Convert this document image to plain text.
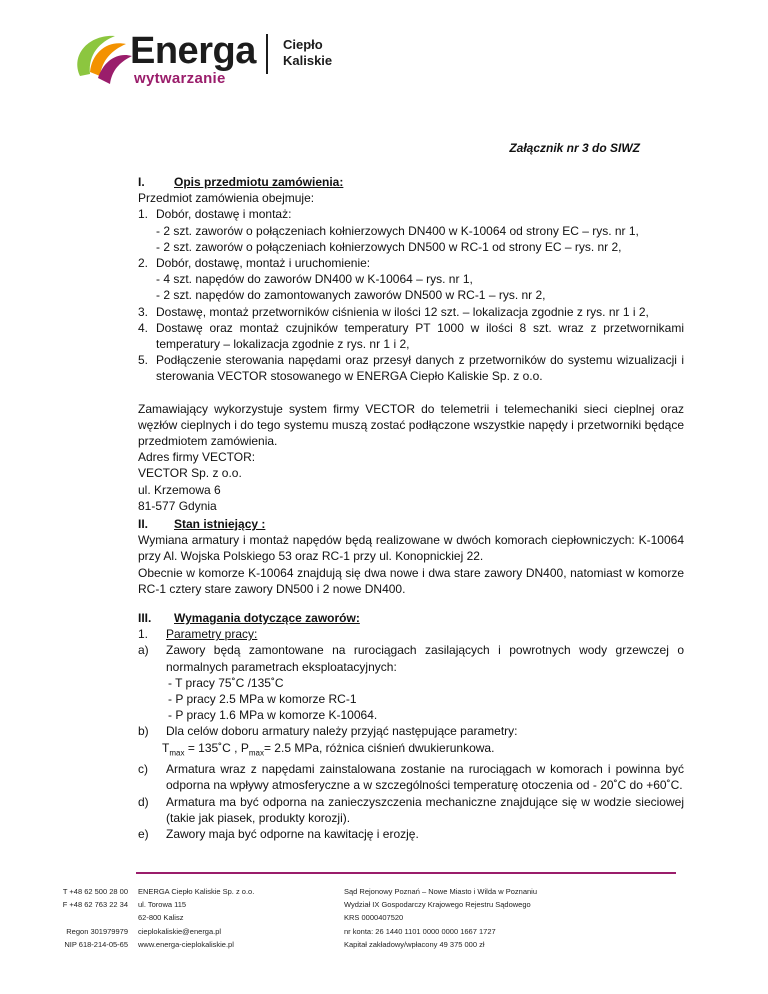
Energa
wytwarzanie
Ciepło
Kaliskie
Załącznik nr 3 do SIWZ

I. Opis przedmiotu zamówienia:

Przedmiot zamówienia obejmuje:

1. Dobór, dostawę i montaż:

- 2 szt. zaworów o połączeniach kołnierzowych DN400 w K-10064 od strony EC – rys. nr 1,

- 2 szt. zaworów o połączeniach kołnierzowych DN500 w RC-1 od strony EC – rys. nr 2,

2. Dobór, dostawę, montaż i uruchomienie:

- 4 szt. napędów do zaworów DN400 w K-10064 – rys. nr 1,

- 2 szt. napędów do zamontowanych zaworów DN500 w RC-1 – rys. nr 2,

3. Dostawę, montaż przetworników ciśnienia w ilości 12 szt. – lokalizacja zgodnie z rys. nr 1 i 2,
4. Dostawę oraz montaż czujników temperatury PT 1000 w ilości 8 szt. wraz z przetwornikami temperatury – lokalizacja zgodnie z rys. nr 1 i 2,
5. Podłączenie sterowania napędami oraz przesył danych z przetworników do systemu wizualizacji i sterowania VECTOR stosowanego w ENERGA Ciepło Kaliskie Sp. z o.o.

Zamawiający wykorzystuje system firmy VECTOR do telemetrii i telemechaniki sieci cieplnej oraz węzłów cieplnych i do tego systemu muszą zostać podłączone wszystkie napędy i przetworniki będące przedmiotem zamówienia.

Adres firmy VECTOR:

VECTOR Sp. z o.o.

ul. Krzemowa 6

81-577 Gdynia

II. Stan istniejący :

Wymiana armatury i montaż napędów będą realizowane w dwóch komorach ciepłowniczych: K-10064 przy Al. Wojska Polskiego 53 oraz RC-1 przy ul. Konopnickiej 22.

Obecnie w komorze K-10064 znajdują się dwa nowe i dwa stare zawory DN400, natomiast w komorze RC-1 cztery stare zawory DN500 i 2 nowe DN400.

III. Wymagania dotyczące zaworów:

1.	Parametry pracy:
a)	Zawory będą zamontowane na rurociągach zasilających i powrotnych wody grzewczej o normalnych parametrach eksploatacyjnych:

- T pracy 75˚C /135˚C

- P pracy 2.5 MPa w komorze RC-1

- P pracy 1.6 MPa w komorze K-10064.

b)	Dla celów doboru armatury należy przyjąć następujące parametry:

$T_{max}$ = 135˚C , $P_{max}= 2.5$ MPa, różnica ciśnień dwukierunkowa.

c)	Armatura wraz z napędami zainstalowana zostanie na rurociągach w komorach i powinna być odporna na wpływy atmosferyczne a w szczególności temperaturę otoczenia od - 20˚C do +60˚C.
d)	Armatura ma być odporna na zanieczyszczenia mechaniczne znajdujące się w wodzie sieciowej (takie jak piasek, produkty korozji).
e)	Zawory maja być odporne na kawitację i erozję.
T +48 62 500 28 00
F +48 62 763 22 34
Regon 301979979
NIP 618-214-05-65
ENERGA Ciepło Kaliskie Sp. z o.o.
ul. Torowa 115
62-800 Kalisz
cieplokaliskie@energa.pl
www.energa-cieplokaliskie.pl
Sąd Rejonowy Poznań – Nowe Miasto i Wilda w Poznaniu
Wydział IX Gospodarczy Krajowego Rejestru Sądowego
KRS 0000407520
nr konta: 26 1440 1101 0000 0000 1667 1727
Kapitał zakładowy/wpłacony 49 375 000 zł
